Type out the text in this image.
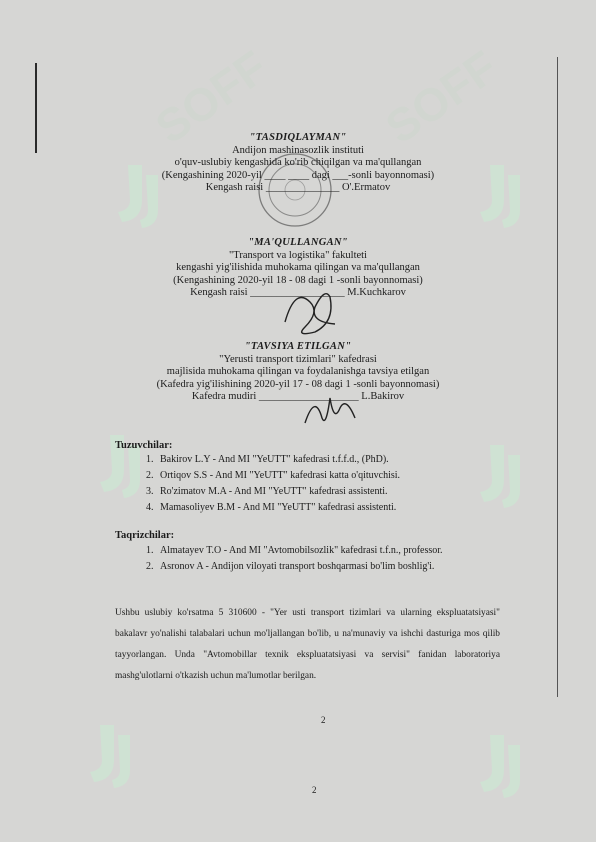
SOFF SOFF
"TASDIQLAYMAN"
Andijon mashinasozlik instituti
o'quv-uslubiy kengashida ko'rib chiqilgan va ma'qullangan
(Kengashining 2020-yil ____ ____ dagi ___-sonli bayonnomasi)
Kengash raisi ______________ O'.Ermatov
"MA'QULLANGAN"
"Transport va logistika" fakulteti
kengashi yig'ilishida muhokama qilingan va ma'qullangan
(Kengashining 2020-yil 18 - 08 dagi 1 -sonli bayonnomasi)
Kengash raisi __________________ M.Kuchkarov
"TAVSIYA ETILGAN"
"Yerusti transport tizimlari" kafedrasi
majlisida muhokama qilingan va foydalanishga tavsiya etilgan
(Kafedra yig'ilishining 2020-yil 17 - 08 dagi 1 -sonli bayonnomasi)
Kafedra mudiri ___________________ L.Bakirov
Tuzuvchilar:
1. Bakirov L.Y - And MI "YeUTT" kafedrasi t.f.f.d., (PhD).
2. Ortiqov S.S - And MI "YeUTT" kafedrasi katta o'qituvchisi.
3. Ro'zimatov M.A - And MI "YeUTT" kafedrasi assistenti.
4. Mamasoliyev B.M - And MI "YeUTT" kafedrasi assistenti.
Taqrizchilar:
1. Almatayev T.O - And MI "Avtomobilsozlik" kafedrasi t.f.n., professor.
2. Asronov A - Andijon viloyati transport boshqarmasi bo'lim boshlig'i.
Ushbu uslubiy ko'rsatma 5 310600 - "Yer usti transport tizimlari va ularning ekspluatatsiyasi" bakalavr yo'nalishi talabalari uchun mo'ljallangan bo'lib, u na'munaviy va ishchi dasturiga mos qilib tayyorlangan. Unda "Avtomobillar texnik ekspluatatsiyasi va servisi" fanidan laboratoriya mashg'ulotlarni o'tkazish uchun ma'lumotlar berilgan.
2
2
